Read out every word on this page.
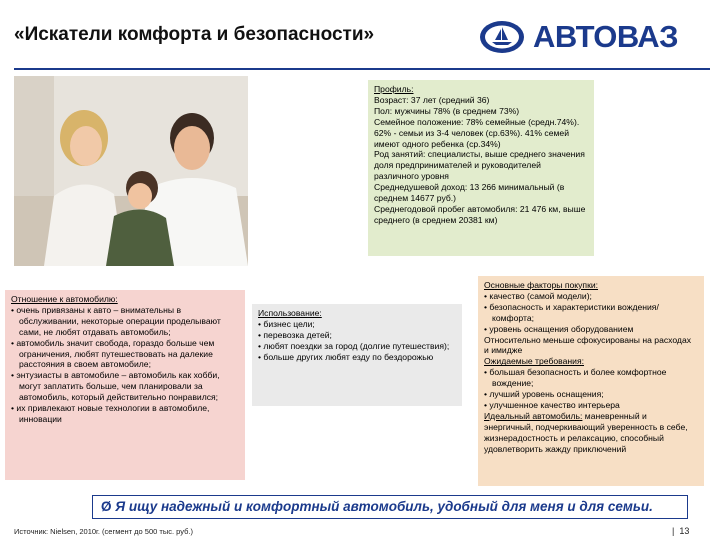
«Искатели комфорта и безопасности»	АВТОВАЗ
Профиль:
Возраст: 37 лет (средний 36)
Пол: мужчины 78% (в среднем 73%)
Семейное положение: 78% семейные (средн.74%).
62% - семьи из 3-4 человек (ср.63%). 41% семей имеют одного ребенка (ср.34%)
Род занятий: специалисты, выше среднего значения доля предпринимателей и руководителей различного уровня
Среднедушевой доход: 13 266 минимальный (в среднем 14677 руб.)
Среднегодовой пробег автомобиля: 21 476 км, выше среднего (в среднем 20381 км)
Отношение к автомобилю:
• очень привязаны к авто – внимательны в обслуживании, некоторые операции проделывают сами, не любят отдавать автомобиль;
• автомобиль значит свобода, гораздо больше чем ограничения, любят путешествовать на далекие расстояния в своем автомобиле;
• энтузиасты в автомобиле – автомобиль как хобби, могут заплатить больше, чем планировали за автомобиль, который действительно понравился;
• их привлекают новые технологии в автомобиле, инновации
Использование:
• бизнес цели;
• перевозка детей;
• любят поездки за город (долгие путешествия);
• больше других любят езду по бездорожью
Основные факторы покупки:
• качество (самой модели);
• безопасность и характеристики вождения/комфорта;
• уровень оснащения оборудованием
Относительно меньше сфокусированы на расходах и имидже
Ожидаемые требования:
• большая безопасность и более комфортное вождение;
• лучший уровень оснащения;
• улучшенное качество интерьера
Идеальный автомобиль: маневренный и энергичный, подчеркивающий уверенность в себе, жизнерадостность и релаксацию, способный удовлетворить жажду приключений
Ø Я ищу надежный и комфортный автомобиль, удобный для меня и для семьи.
Источник: Nielsen, 2010г. (сегмент до 500 тыс. руб.)	| 13
